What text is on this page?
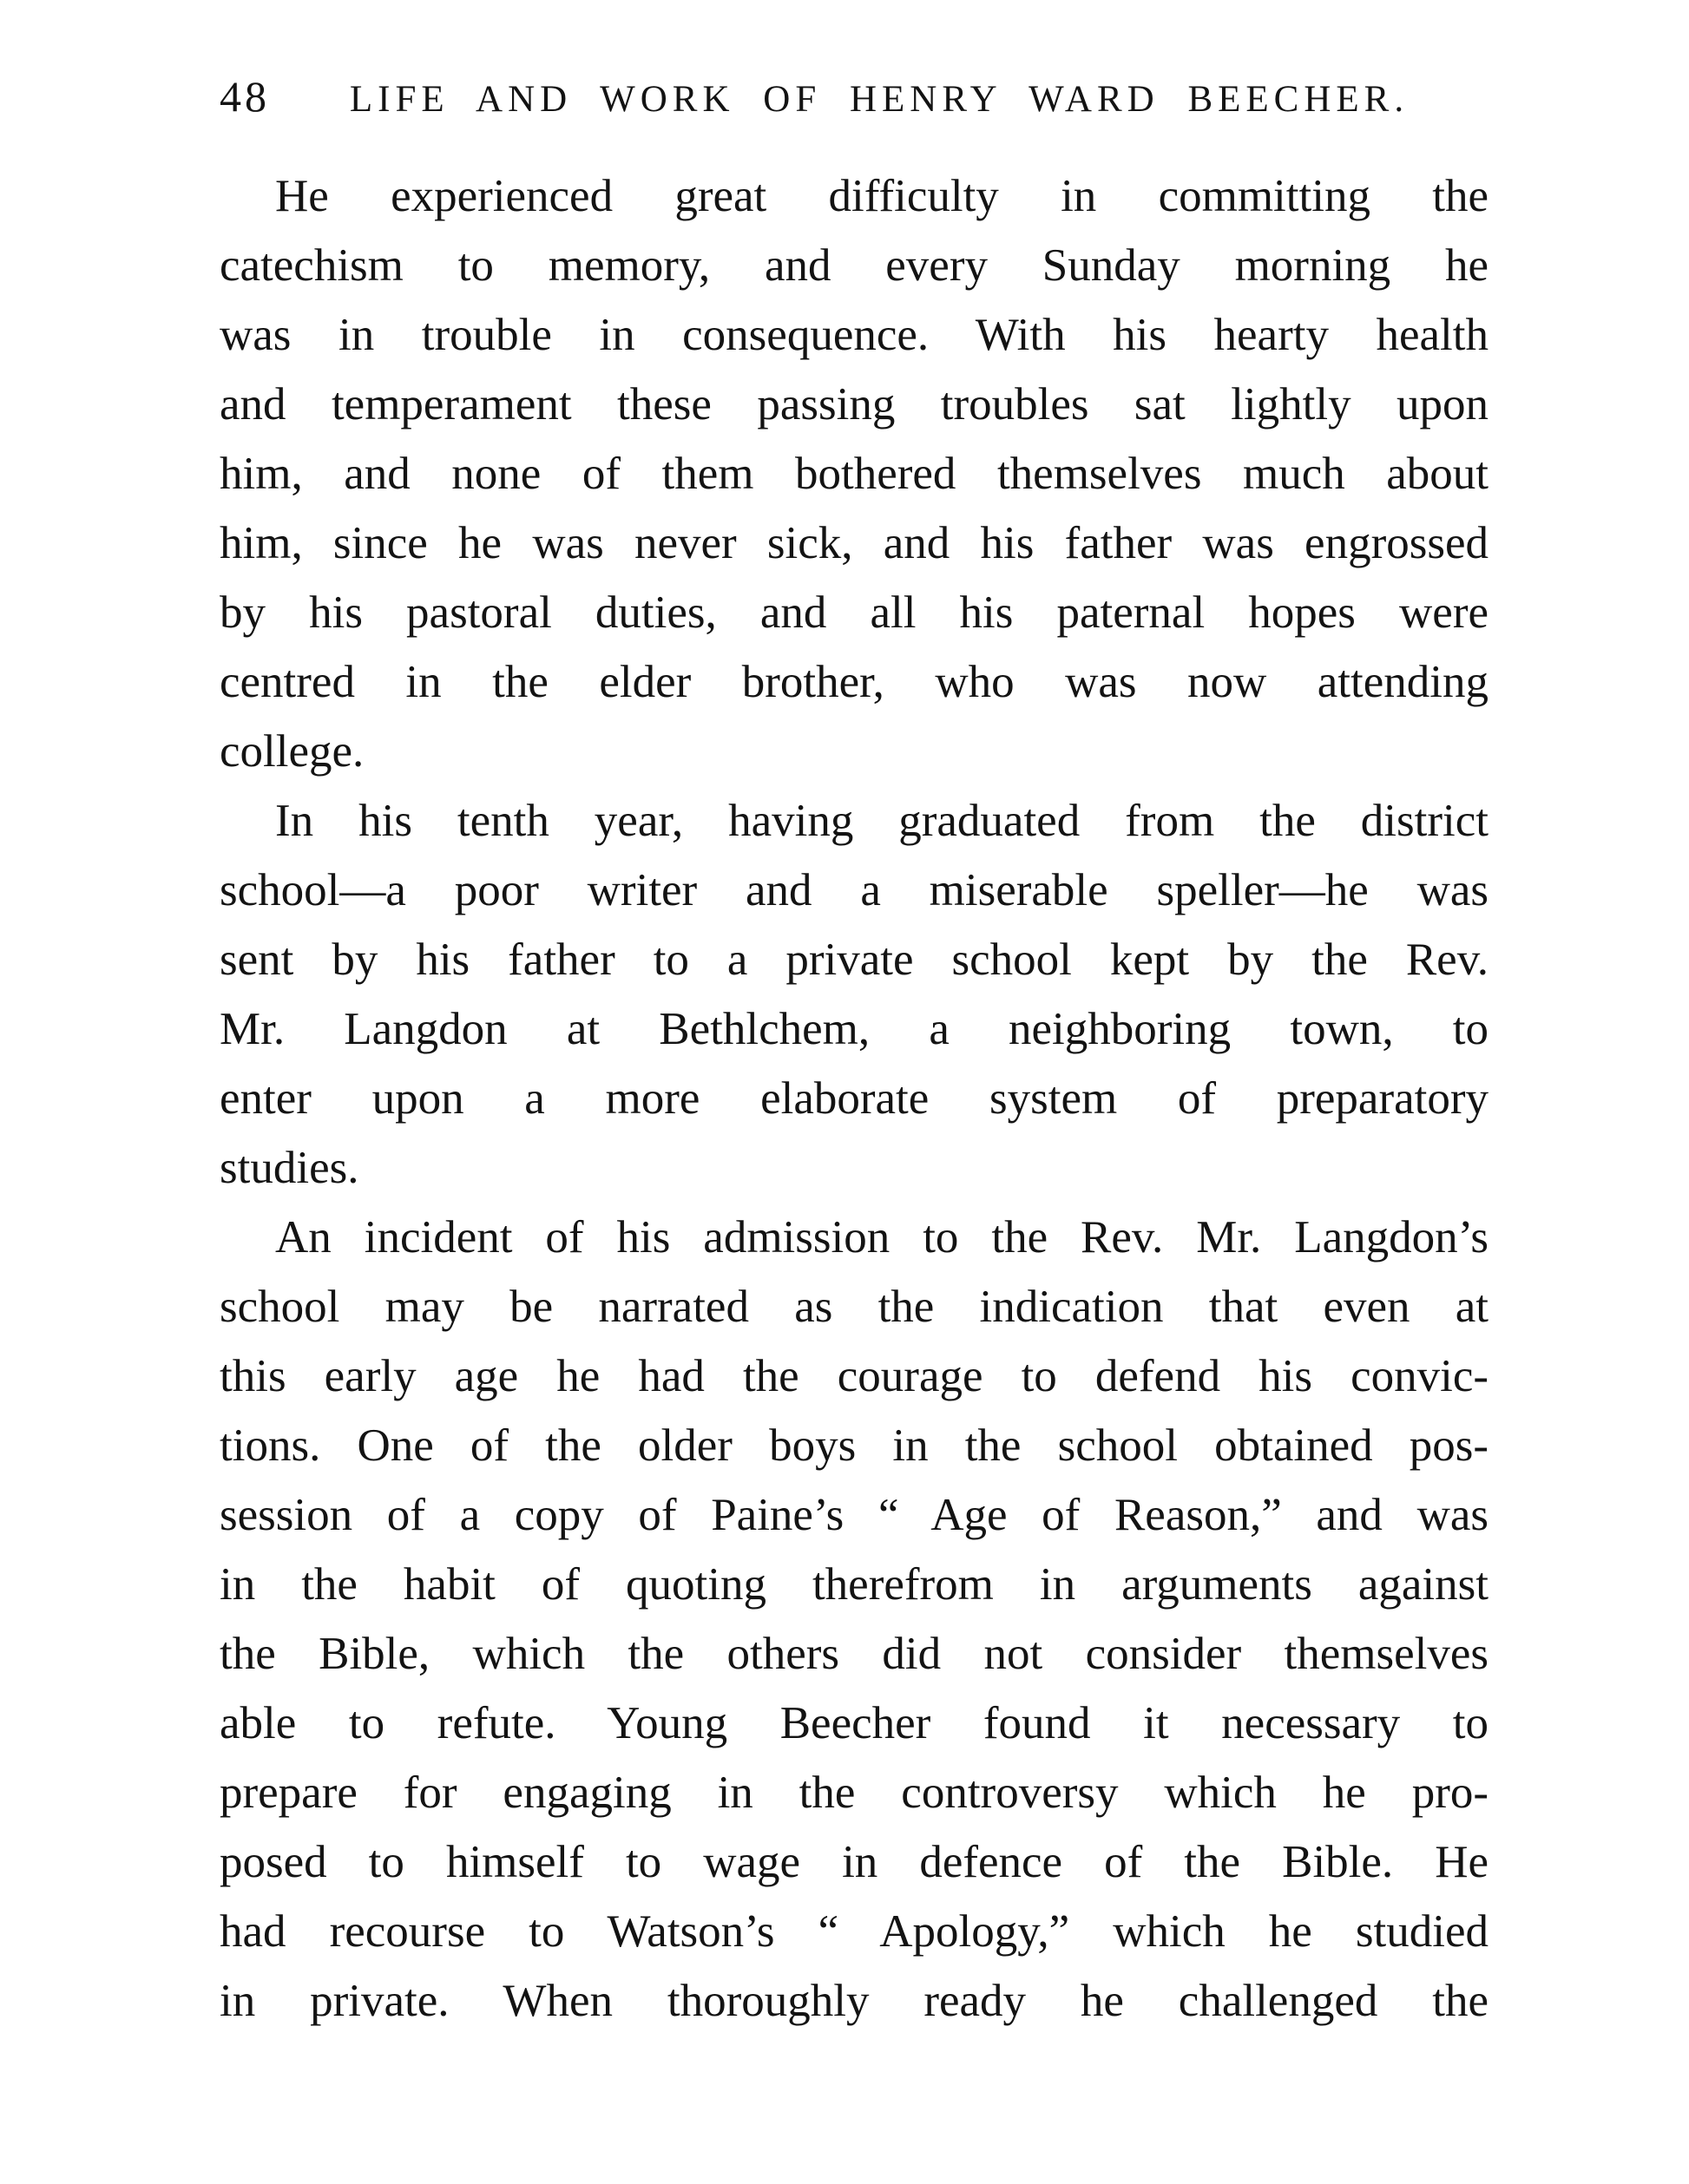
48	LIFE AND WORK OF HENRY WARD BEECHER.
He experienced great difficulty in committing the
catechism to memory, and every Sunday morning he
was in trouble in consequence. With his hearty health
and temperament these passing troubles sat lightly upon
him, and none of them bothered themselves much about
him, since he was never sick, and his father was engrossed
by his pastoral duties, and all his paternal hopes were
centred in the elder brother, who was now attending
college.
In his tenth year, having graduated from the district
school—a poor writer and a miserable speller—he was
sent by his father to a private school kept by the Rev.
Mr. Langdon at Bethlchem, a neighboring town, to
enter upon a more elaborate system of preparatory
studies.
An incident of his admission to the Rev. Mr. Langdon’s
school may be narrated as the indication that even at
this early age he had the courage to defend his convic-
tions. One of the older boys in the school obtained pos-
session of a copy of Paine’s “ Age of Reason,” and was
in the habit of quoting therefrom in arguments against
the Bible, which the others did not consider themselves
able to refute. Young Beecher found it necessary to
prepare for engaging in the controversy which he pro-
posed to himself to wage in defence of the Bible. He
had recourse to Watson’s “ Apology,” which he studied
in private. When thoroughly ready he challenged the
